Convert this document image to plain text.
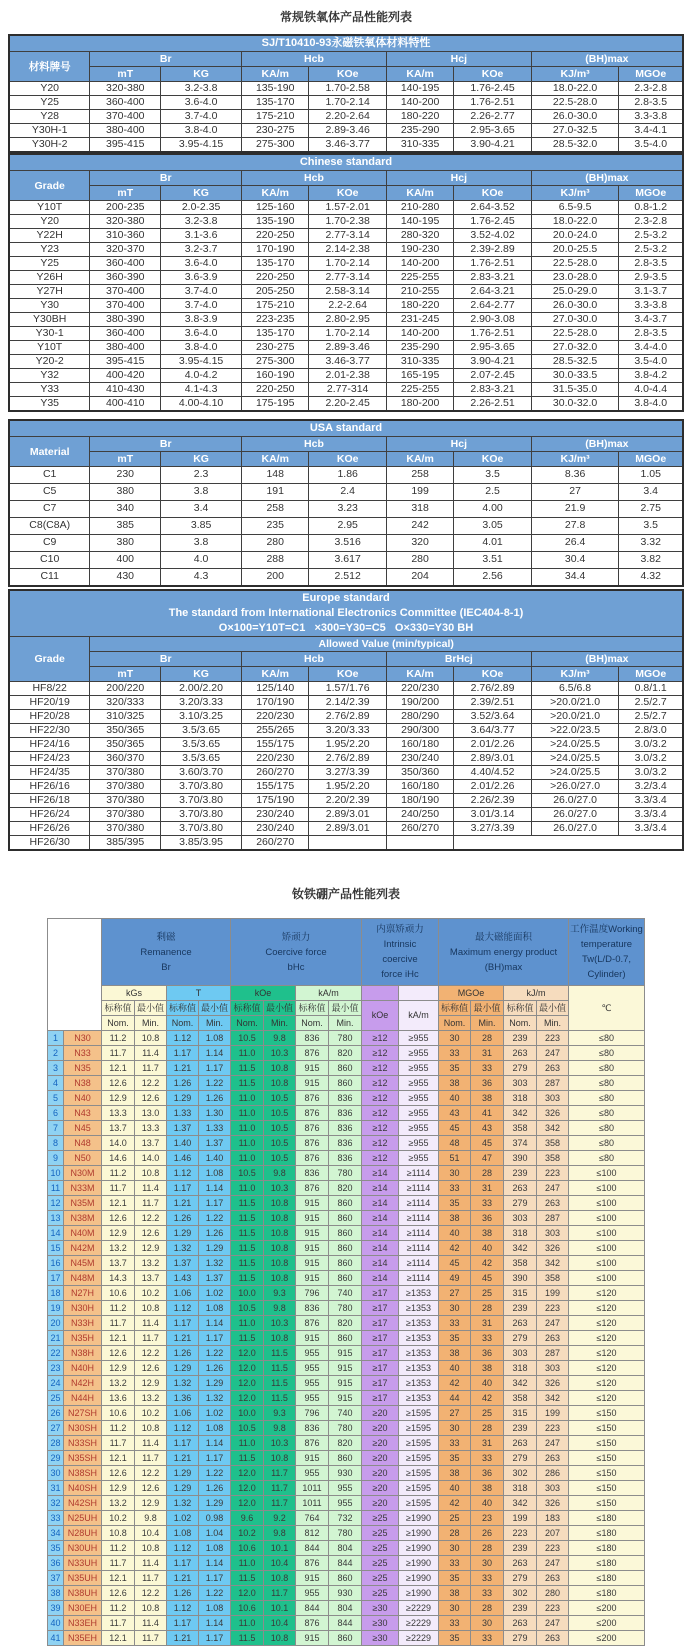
常规铁氧体产品性能列表
SJ/T10410-93永磁铁氧体材料特性								

材料牌号	Br		Hcb		Hcj		(BH)max	
	mT	KG	KA/m	KOe	KA/m	KOe	KJ/m³	MGOe
Y20	320-380	3.2-3.8	135-190	1.70-2.58	140-195	1.76-2.45	18.0-22.0	2.3-2.8
Y25	360-400	3.6-4.0	135-170	1.70-2.14	140-200	1.76-2.51	22.5-28.0	2.8-3.5
Y28	370-400	3.7-4.0	175-210	2.20-2.64	180-220	2.26-2.77	26.0-30.0	3.3-3.8
Y30H-1	380-400	3.8-4.0	230-275	2.89-3.46	235-290	2.95-3.65	27.0-32.5	3.4-4.1
Y30H-2	395-415	3.95-4.15	275-300	3.46-3.77	310-335	3.90-4.21	28.5-32.0	3.5-4.0
Chinese standard								

Grade	Br		Hcb		Hcj		(BH)max	
	mT	KG	KA/m	KOe	KA/m	KOe	KJ/m³	MGOe
Y10T	200-235	2.0-2.35	125-160	1.57-2.01	210-280	2.64-3.52	6.5-9.5	0.8-1.2
Y20	320-380	3.2-3.8	135-190	1.70-2.38	140-195	1.76-2.45	18.0-22.0	2.3-2.8
Y22H	310-360	3.1-3.6	220-250	2.77-3.14	280-320	3.52-4.02	20.0-24.0	2.5-3.2
Y23	320-370	3.2-3.7	170-190	2.14-2.38	190-230	2.39-2.89	20.0-25.5	2.5-3.2
Y25	360-400	3.6-4.0	135-170	1.70-2.14	140-200	1.76-2.51	22.5-28.0	2.8-3.5
Y26H	360-390	3.6-3.9	220-250	2.77-3.14	225-255	2.83-3.21	23.0-28.0	2.9-3.5
Y27H	370-400	3.7-4.0	205-250	2.58-3.14	210-255	2.64-3.21	25.0-29.0	3.1-3.7
Y30	370-400	3.7-4.0	175-210	2.2-2.64	180-220	2.64-2.77	26.0-30.0	3.3-3.8
Y30BH	380-390	3.8-3.9	223-235	2.80-2.95	231-245	2.90-3.08	27.0-30.0	3.4-3.7
Y30-1	360-400	3.6-4.0	135-170	1.70-2.14	140-200	1.76-2.51	22.5-28.0	2.8-3.5
Y10T	380-400	3.8-4.0	230-275	2.89-3.46	235-290	2.95-3.65	27.0-32.0	3.4-4.0
Y20-2	395-415	3.95-4.15	275-300	3.46-3.77	310-335	3.90-4.21	28.5-32.5	3.5-4.0
Y32	400-420	4.0-4.2	160-190	2.01-2.38	165-195	2.07-2.45	30.0-33.5	3.8-4.2
Y33	410-430	4.1-4.3	220-250	2.77-314	225-255	2.83-3.21	31.5-35.0	4.0-4.4
Y35	400-410	4.00-4.10	175-195	2.20-2.45	180-200	2.26-2.51	30.0-32.0	3.8-4.0
USA standard								

Material	Br		Hcb		Hcj		(BH)max	
	mT	KG	KA/m	KOe	KA/m	KOe	KJ/m³	MGOe
C1	230	2.3	148	1.86	258	3.5	8.36	1.05
C5	380	3.8	191	2.4	199	2.5	27	3.4
C7	340	3.4	258	3.23	318	4.00	21.9	2.75
C8(C8A)	385	3.85	235	2.95	242	3.05	27.8	3.5
C9	380	3.8	280	3.516	320	4.01	26.4	3.32
C10	400	4.0	288	3.617	280	3.51	30.4	3.82
C11	430	4.3	200	2.512	204	2.56	34.4	4.32
Europe standard
The standard from International Electronics Committee (IEC404-8-1)
O×100=Y10T=C1   ×300=Y30=C5   O×330=Y30 BH								

Grade	Allowed Value (min/typical)							
	Br		Hcb		BrHcj		(BH)max	
	mT	KG	KA/m	KOe	KA/m	KOe	KJ/m³	MGOe
HF8/22	200/220	2.00/2.20	125/140	1.57/1.76	220/230	2.76/2.89	6.5/6.8	0.8/1.1
HF20/19	320/333	3.20/3.33	170/190	2.14/2.39	190/200	2.39/2.51	>20.0/21.0	2.5/2.7
HF20/28	310/325	3.10/3.25	220/230	2.76/2.89	280/290	3.52/3.64	>20.0/21.0	2.5/2.7
HF22/30	350/365	3.5/3.65	255/265	3.20/3.33	290/300	3.64/3.77	>22.0/23.5	2.8/3.0
HF24/16	350/365	3.5/3.65	155/175	1.95/2.20	160/180	2.01/2.26	>24.0/25.5	3.0/3.2
HF24/23	360/370	3.5/3.65	220/230	2.76/2.89	230/240	2.89/3.01	>24.0/25.5	3.0/3.2
HF24/35	370/380	3.60/3.70	260/270	3.27/3.39	350/360	4.40/4.52	>24.0/25.5	3.0/3.2
HF26/16	370/380	3.70/3.80	155/175	1.95/2.20	160/180	2.01/2.26	>26.0/27.0	3.2/3.4
HF26/18	370/380	3.70/3.80	175/190	2.20/2.39	180/190	2.26/2.39	26.0/27.0	3.3/3.4
HF26/24	370/380	3.70/3.80	230/240	2.89/3.01	240/250	3.01/3.14	26.0/27.0	3.3/3.4
HF26/26	370/380	3.70/3.80	230/240	2.89/3.01	260/270	3.27/3.39	26.0/27.0	3.3/3.4
HF26/30	385/395	3.85/3.95	260/270					
钕铁硼产品性能列表

剩磁
Remanence
Br

矫顽力
Coercive force
bHc

内禀矫顽力
Intrinsic
coercive
force iHc

最大磁能面积
Maximum energy product
(BH)max

工作温度Working
temperature
Tw(L/D-0.7,
Cylinder)

		kGs		T		kOe		kA/m				MGOe		kJ/m		℃
		标称值	最小值	标称值	最小值	标称值	最小值	标称值	最小值	kOe	kA/m	标称值	最小值	标称值	最小值	
		Nom.	Min.	Nom.	Min.	Nom.	Min.	Nom.	Min.			Nom.	Min.	Nom.	Min.	
1	N30	11.2	10.8	1.12	1.08	10.5	9.8	836	780	≥12	≥955	30	28	239	223	≤80
2	N33	11.7	11.4	1.17	1.14	11.0	10.3	876	820	≥12	≥955	33	31	263	247	≤80
3	N35	12.1	11.7	1.21	1.17	11.5	10.8	915	860	≥12	≥955	35	33	279	263	≤80
4	N38	12.6	12.2	1.26	1.22	11.5	10.8	915	860	≥12	≥955	38	36	303	287	≤80
5	N40	12.9	12.6	1.29	1.26	11.0	10.5	876	836	≥12	≥955	40	38	318	303	≤80
6	N43	13.3	13.0	1.33	1.30	11.0	10.5	876	836	≥12	≥955	43	41	342	326	≤80
7	N45	13.7	13.3	1.37	1.33	11.0	10.5	876	836	≥12	≥955	45	43	358	342	≤80
8	N48	14.0	13.7	1.40	1.37	11.0	10.5	876	836	≥12	≥955	48	45	374	358	≤80
9	N50	14.6	14.0	1.46	1.40	11.0	10.5	876	836	≥12	≥955	51	47	390	358	≤80
10	N30M	11.2	10.8	1.12	1.08	10.5	9.8	836	780	≥14	≥1114	30	28	239	223	≤100
11	N33M	11.7	11.4	1.17	1.14	11.0	10.3	876	820	≥14	≥1114	33	31	263	247	≤100
12	N35M	12.1	11.7	1.21	1.17	11.5	10.8	915	860	≥14	≥1114	35	33	279	263	≤100
13	N38M	12.6	12.2	1.26	1.22	11.5	10.8	915	860	≥14	≥1114	38	36	303	287	≤100
14	N40M	12.9	12.6	1.29	1.26	11.5	10.8	915	860	≥14	≥1114	40	38	318	303	≤100
15	N42M	13.2	12.9	1.32	1.29	11.5	10.8	915	860	≥14	≥1114	42	40	342	326	≤100
16	N45M	13.7	13.2	1.37	1.32	11.5	10.8	915	860	≥14	≥1114	45	42	358	342	≤100
17	N48M	14.3	13.7	1.43	1.37	11.5	10.8	915	860	≥14	≥1114	49	45	390	358	≤100
18	N27H	10.6	10.2	1.06	1.02	10.0	9.3	796	740	≥17	≥1353	27	25	315	199	≤120
19	N30H	11.2	10.8	1.12	1.08	10.5	9.8	836	780	≥17	≥1353	30	28	239	223	≤120
20	N33H	11.7	11.4	1.17	1.14	11.0	10.3	876	820	≥17	≥1353	33	31	263	247	≤120
21	N35H	12.1	11.7	1.21	1.17	11.5	10.8	915	860	≥17	≥1353	35	33	279	263	≤120
22	N38H	12.6	12.2	1.26	1.22	12.0	11.5	955	915	≥17	≥1353	38	36	303	287	≤120
23	N40H	12.9	12.6	1.29	1.26	12.0	11.5	955	915	≥17	≥1353	40	38	318	303	≤120
24	N42H	13.2	12.9	1.32	1.29	12.0	11.5	955	915	≥17	≥1353	42	40	342	326	≤120
25	N44H	13.6	13.2	1.36	1.32	12.0	11.5	955	915	≥17	≥1353	44	42	358	342	≤120
26	N27SH	10.6	10.2	1.06	1.02	10.0	9.3	796	740	≥20	≥1595	27	25	315	199	≤150
27	N30SH	11.2	10.8	1.12	1.08	10.5	9.8	836	780	≥20	≥1595	30	28	239	223	≤150
28	N33SH	11.7	11.4	1.17	1.14	11.0	10.3	876	820	≥20	≥1595	33	31	263	247	≤150
29	N35SH	12.1	11.7	1.21	1.17	11.5	10.8	915	860	≥20	≥1595	35	33	279	263	≤150
30	N38SH	12.6	12.2	1.29	1.22	12.0	11.7	955	930	≥20	≥1595	38	36	302	286	≤150
31	N40SH	12.9	12.6	1.29	1.26	12.0	11.7	1011	955	≥20	≥1595	40	38	318	303	≤150
32	N42SH	13.2	12.9	1.32	1.29	12.0	11.7	1011	955	≥20	≥1595	42	40	342	326	≤150
33	N25UH	10.2	9.8	1.02	0.98	9.6	9.2	764	732	≥25	≥1990	25	23	199	183	≤180
34	N28UH	10.8	10.4	1.08	1.04	10.2	9.8	812	780	≥25	≥1990	28	26	223	207	≤180
35	N30UH	11.2	10.8	1.12	1.08	10.6	10.1	844	804	≥25	≥1990	30	28	239	223	≤180
36	N33UH	11.7	11.4	1.17	1.14	11.0	10.4	876	844	≥25	≥1990	33	30	263	247	≤180
37	N35UH	12.1	11.7	1.21	1.17	11.5	10.8	915	860	≥25	≥1990	35	33	279	263	≤180
38	N38UH	12.6	12.2	1.26	1.22	12.0	11.7	955	930	≥25	≥1990	38	33	302	280	≤180
39	N30EH	11.2	10.8	1.12	1.08	10.6	10.1	844	804	≥30	≥2229	30	28	239	223	≤200
40	N33EH	11.7	11.4	1.17	1.14	11.0	10.4	876	844	≥30	≥2229	33	30	263	247	≤200
41	N35EH	12.1	11.7	1.21	1.17	11.5	10.8	915	860	≥30	≥2229	35	33	279	263	≤200
